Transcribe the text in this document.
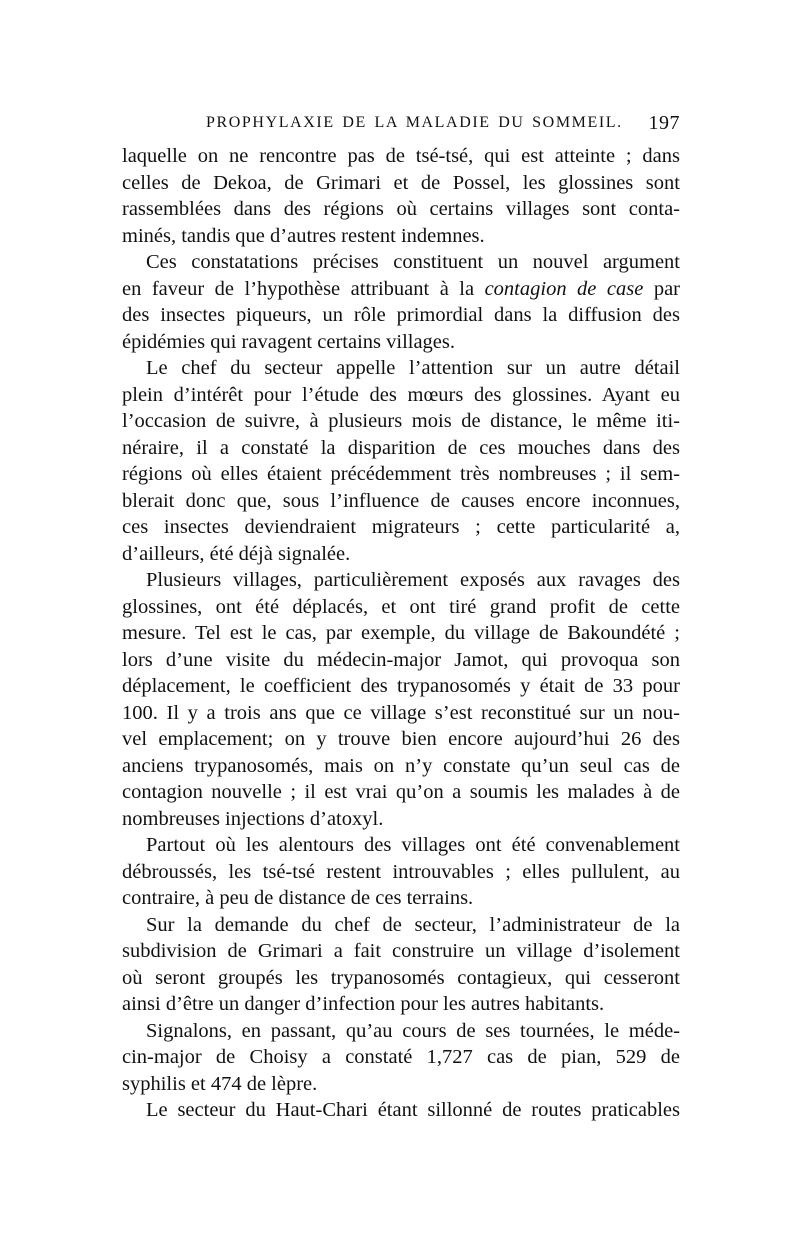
PROPHYLAXIE DE LA MALADIE DU SOMMEIL. 197
laquelle on ne rencontre pas de tsé-tsé, qui est atteinte ; dans
celles de Dekoa, de Grimari et de Possel, les glossines sont
rassemblées dans des régions où certains villages sont conta-
minés, tandis que d’autres restent indemnes.
Ces constatations précises constituent un nouvel argument
en faveur de l’hypothèse attribuant à la contagion de case par
des insectes piqueurs, un rôle primordial dans la diffusion des
épidémies qui ravagent certains villages.
Le chef du secteur appelle l’attention sur un autre détail
plein d’intérêt pour l’étude des mœurs des glossines. Ayant eu
l’occasion de suivre, à plusieurs mois de distance, le même iti-
néraire, il a constaté la disparition de ces mouches dans des
régions où elles étaient précédemment très nombreuses ; il sem-
blerait donc que, sous l’influence de causes encore inconnues,
ces insectes deviendraient migrateurs ; cette particularité a,
d’ailleurs, été déjà signalée.
Plusieurs villages, particulièrement exposés aux ravages des
glossines, ont été déplacés, et ont tiré grand profit de cette
mesure. Tel est le cas, par exemple, du village de Bakoundété ;
lors d’une visite du médecin-major Jamot, qui provoqua son
déplacement, le coefficient des trypanosomés y était de 33 pour
100. Il y a trois ans que ce village s’est reconstitué sur un nou-
vel emplacement; on y trouve bien encore aujourd’hui 26 des
anciens trypanosomés, mais on n’y constate qu’un seul cas de
contagion nouvelle ; il est vrai qu’on a soumis les malades à de
nombreuses injections d’atoxyl.
Partout où les alentours des villages ont été convenablement
débroussés, les tsé-tsé restent introuvables ; elles pullulent, au
contraire, à peu de distance de ces terrains.
Sur la demande du chef de secteur, l’administrateur de la
subdivision de Grimari a fait construire un village d’isolement
où seront groupés les trypanosomés contagieux, qui cesseront
ainsi d’être un danger d’infection pour les autres habitants.
Signalons, en passant, qu’au cours de ses tournées, le méde-
cin-major de Choisy a constaté 1,727 cas de pian, 529 de
syphilis et 474 de lèpre.
Le secteur du Haut-Chari étant sillonné de routes praticables
